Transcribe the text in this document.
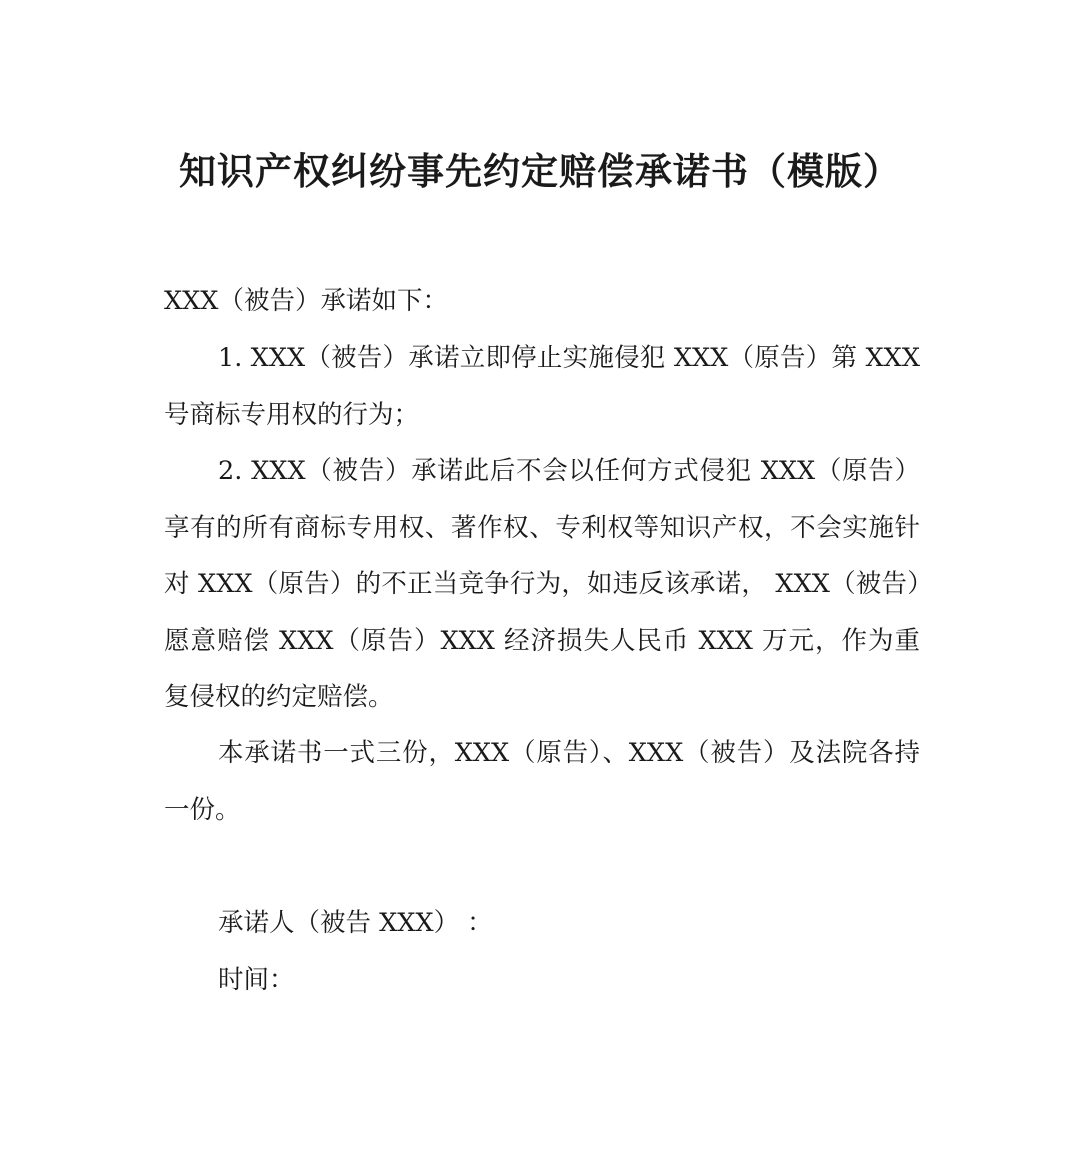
知识产权纠纷事先约定赔偿承诺书（模版）

XXX（被告）承诺如下：

1. XXX（被告）承诺立即停止实施侵犯 XXX（原告）第 XXX 号商标专用权的行为；

2. XXX（被告）承诺此后不会以任何方式侵犯 XXX（原告）享有的所有商标专用权、著作权、专利权等知识产权，不会实施针对 XXX（原告）的不正当竞争行为，如违反该承诺， XXX（被告）愿意赔偿 XXX（原告）XXX 经济损失人民币 XXX 万元，作为重复侵权的约定赔偿。

本承诺书一式三份，XXX（原告）、XXX（被告）及法院各持一份。

承诺人（被告 XXX） ：

时间：
